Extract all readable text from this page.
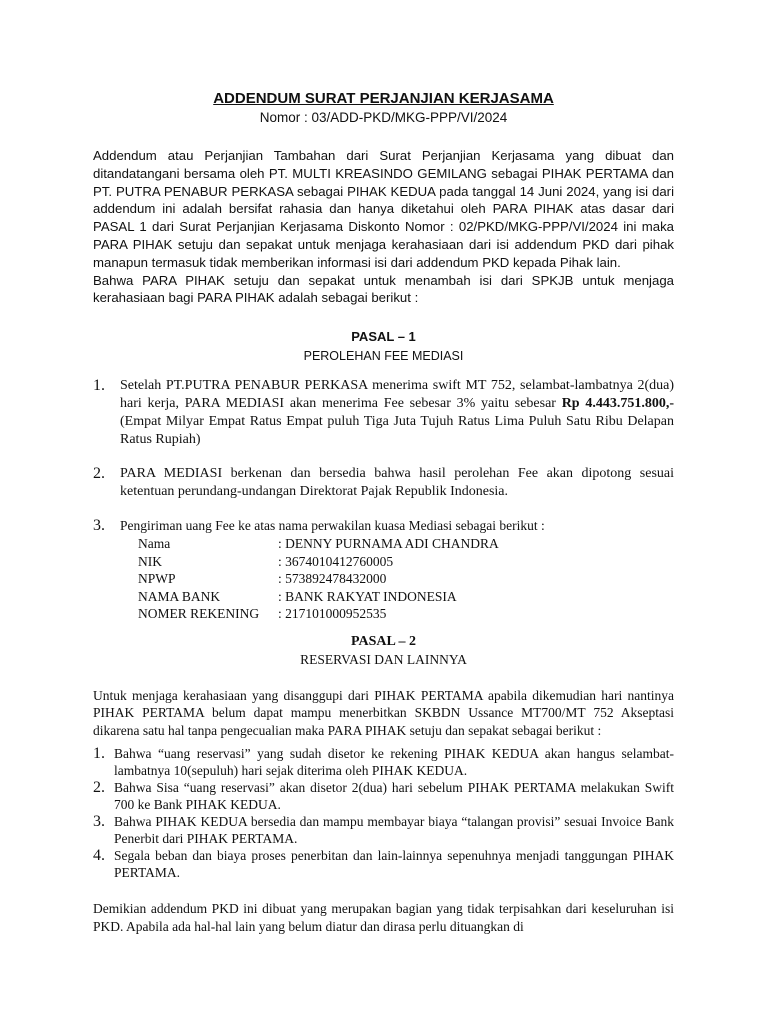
ADDENDUM SURAT PERJANJIAN KERJASAMA

Nomor : 03/ADD-PKD/MKG-PPP/VI/2024

Addendum atau Perjanjian Tambahan dari Surat Perjanjian Kerjasama yang dibuat dan ditandatangani bersama oleh PT. MULTI KREASINDO GEMILANG sebagai PIHAK PERTAMA dan PT. PUTRA PENABUR PERKASA sebagai PIHAK KEDUA pada tanggal 14 Juni 2024, yang isi dari addendum ini adalah bersifat rahasia dan hanya diketahui oleh PARA PIHAK atas dasar dari PASAL 1 dari Surat Perjanjian Kerjasama Diskonto Nomor : 02/PKD/MKG-PPP/VI/2024 ini maka PARA PIHAK setuju dan sepakat untuk menjaga kerahasiaan dari isi addendum PKD dari pihak manapun termasuk tidak memberikan informasi isi dari addendum PKD kepada Pihak lain.

Bahwa PARA PIHAK setuju dan sepakat untuk menambah isi dari SPKJB untuk menjaga kerahasiaan bagi PARA PIHAK adalah sebagai berikut :

PASAL – 1

PEROLEHAN FEE MEDIASI

1. Setelah PT.PUTRA PENABUR PERKASA menerima swift MT 752, selambat-lambatnya 2(dua) hari kerja, PARA MEDIASI akan menerima Fee sebesar 3% yaitu sebesar Rp 4.443.751.800,- (Empat Milyar Empat Ratus Empat puluh Tiga Juta Tujuh Ratus Lima Puluh Satu Ribu Delapan Ratus Rupiah)
2. PARA MEDIASI berkenan dan bersedia bahwa hasil perolehan Fee akan dipotong sesuai ketentuan perundang-undangan Direktorat Pajak Republik Indonesia.
3. Pengiriman uang Fee ke atas nama perwakilan kuasa Mediasi sebagai berikut :
Nama	: DENNY PURNAMA ADI CHANDRA
NIK	: 3674010412760005
NPWP	: 573892478432000
NAMA BANK	: BANK RAKYAT INDONESIA
NOMER REKENING	: 217101000952535

PASAL – 2

RESERVASI DAN LAINNYA

Untuk menjaga kerahasiaan yang disanggupi dari PIHAK PERTAMA apabila dikemudian hari nantinya PIHAK PERTAMA belum dapat mampu menerbitkan SKBDN Ussance MT700/MT 752 Akseptasi dikarena satu hal tanpa pengecualian maka PARA PIHAK setuju dan sepakat sebagai berikut :

1. Bahwa “uang reservasi” yang sudah disetor ke rekening PIHAK KEDUA akan hangus selambat-lambatnya 10(sepuluh) hari sejak diterima oleh PIHAK KEDUA.
2. Bahwa Sisa “uang reservasi” akan disetor 2(dua) hari sebelum PIHAK PERTAMA melakukan Swift 700 ke Bank PIHAK KEDUA.
3. Bahwa PIHAK KEDUA bersedia dan mampu membayar biaya “talangan provisi” sesuai Invoice Bank Penerbit dari PIHAK PERTAMA.
4. Segala beban dan biaya proses penerbitan dan lain-lainnya sepenuhnya menjadi tanggungan PIHAK PERTAMA.

Demikian addendum PKD ini dibuat yang merupakan bagian yang tidak terpisahkan dari keseluruhan isi PKD. Apabila ada hal-hal lain yang belum diatur dan dirasa perlu dituangkan di
